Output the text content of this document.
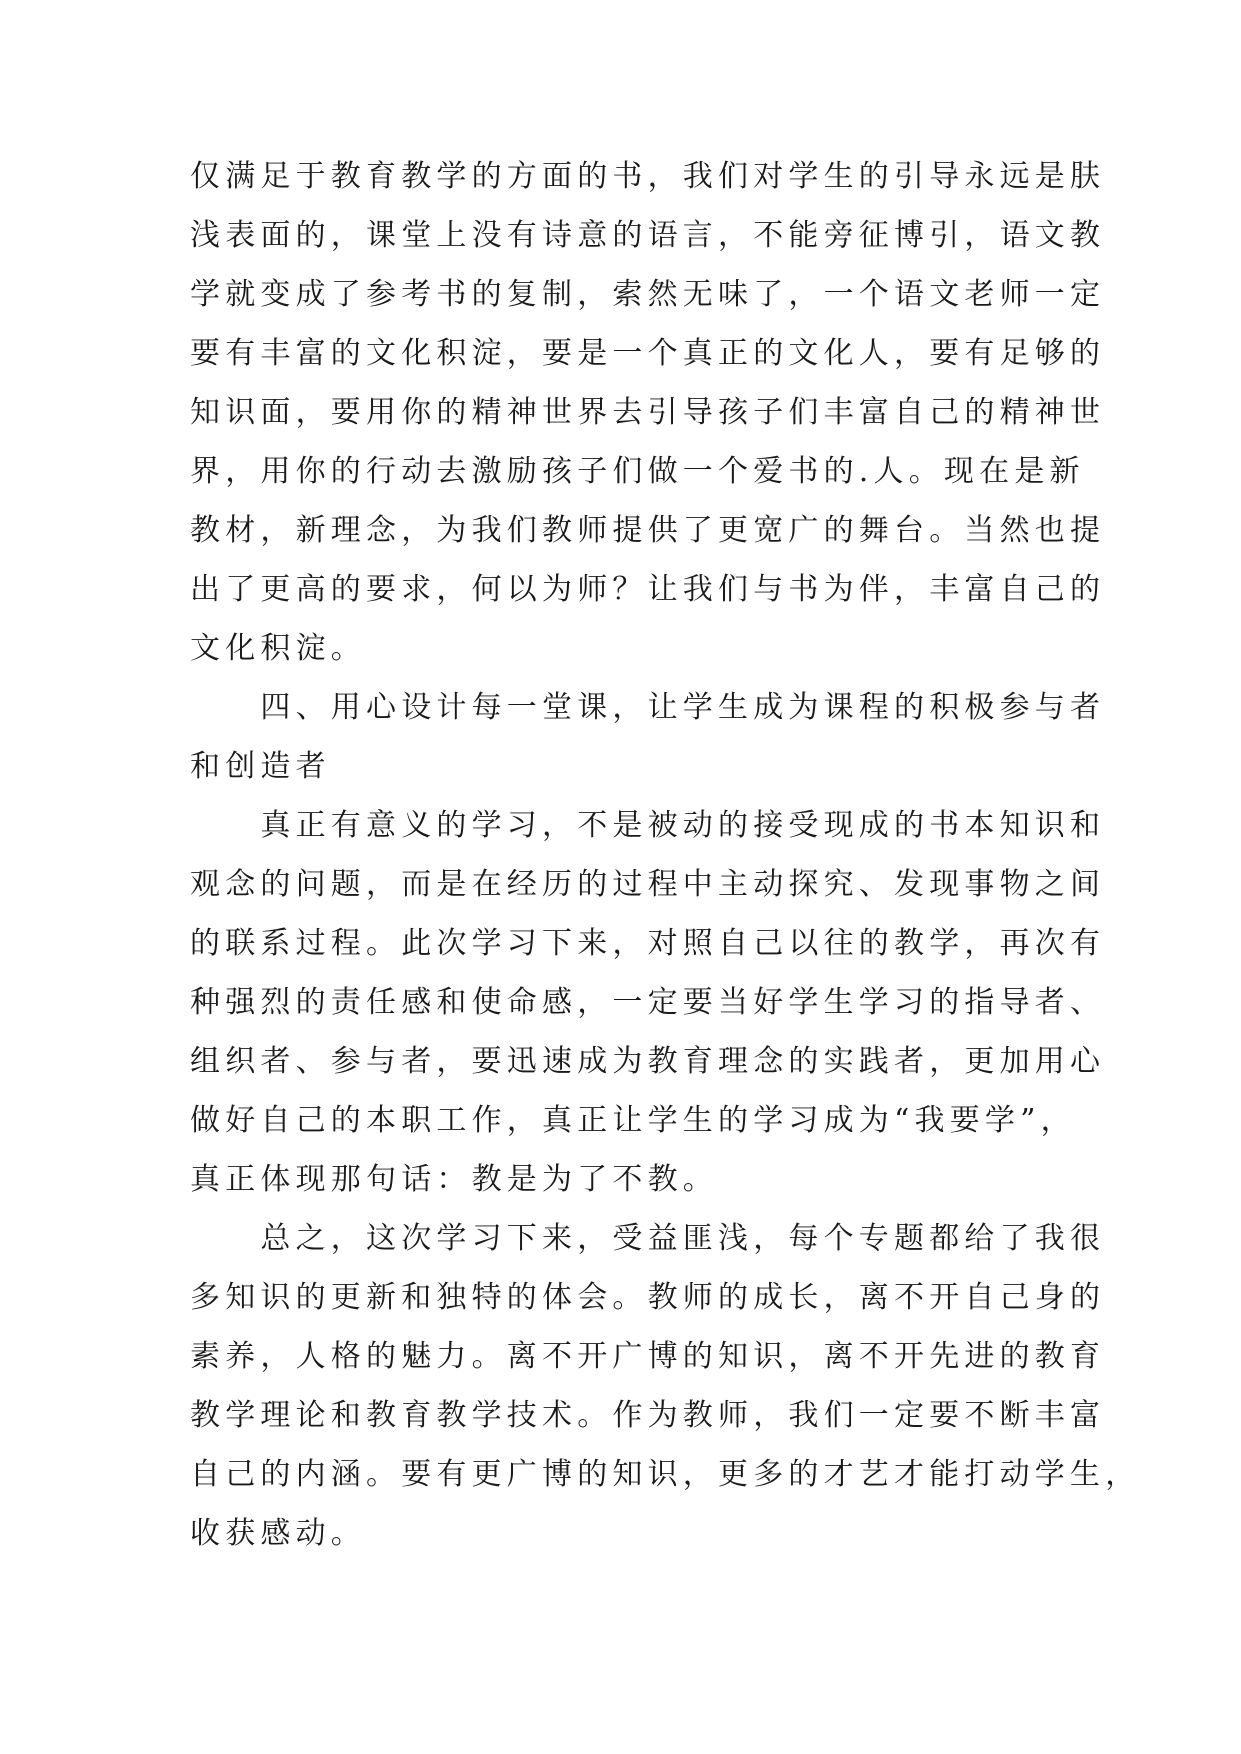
仅满足于教育教学的方面的书，我们对学生的引导永远是肤
浅表面的，课堂上没有诗意的语言，不能旁征博引，语文教
学就变成了参考书的复制，索然无味了，一个语文老师一定
要有丰富的文化积淀，要是一个真正的文化人，要有足够的
知识面，要用你的精神世界去引导孩子们丰富自己的精神世
界，用你的行动去激励孩子们做一个爱书的.人。现在是新
教材，新理念，为我们教师提供了更宽广的舞台。当然也提
出了更高的要求，何以为师？让我们与书为伴，丰富自己的
文化积淀。
　　四、用心设计每一堂课，让学生成为课程的积极参与者
和创造者
　　真正有意义的学习，不是被动的接受现成的书本知识和
观念的问题，而是在经历的过程中主动探究、发现事物之间
的联系过程。此次学习下来，对照自己以往的教学，再次有
种强烈的责任感和使命感，一定要当好学生学习的指导者、
组织者、参与者，要迅速成为教育理念的实践者，更加用心
做好自己的本职工作，真正让学生的学习成为“我要学”，
真正体现那句话：教是为了不教。
　　总之，这次学习下来，受益匪浅，每个专题都给了我很
多知识的更新和独特的体会。教师的成长，离不开自己身的
素养，人格的魅力。离不开广博的知识，离不开先进的教育
教学理论和教育教学技术。作为教师，我们一定要不断丰富
自己的内涵。要有更广博的知识，更多的才艺才能打动学生，
收获感动。
